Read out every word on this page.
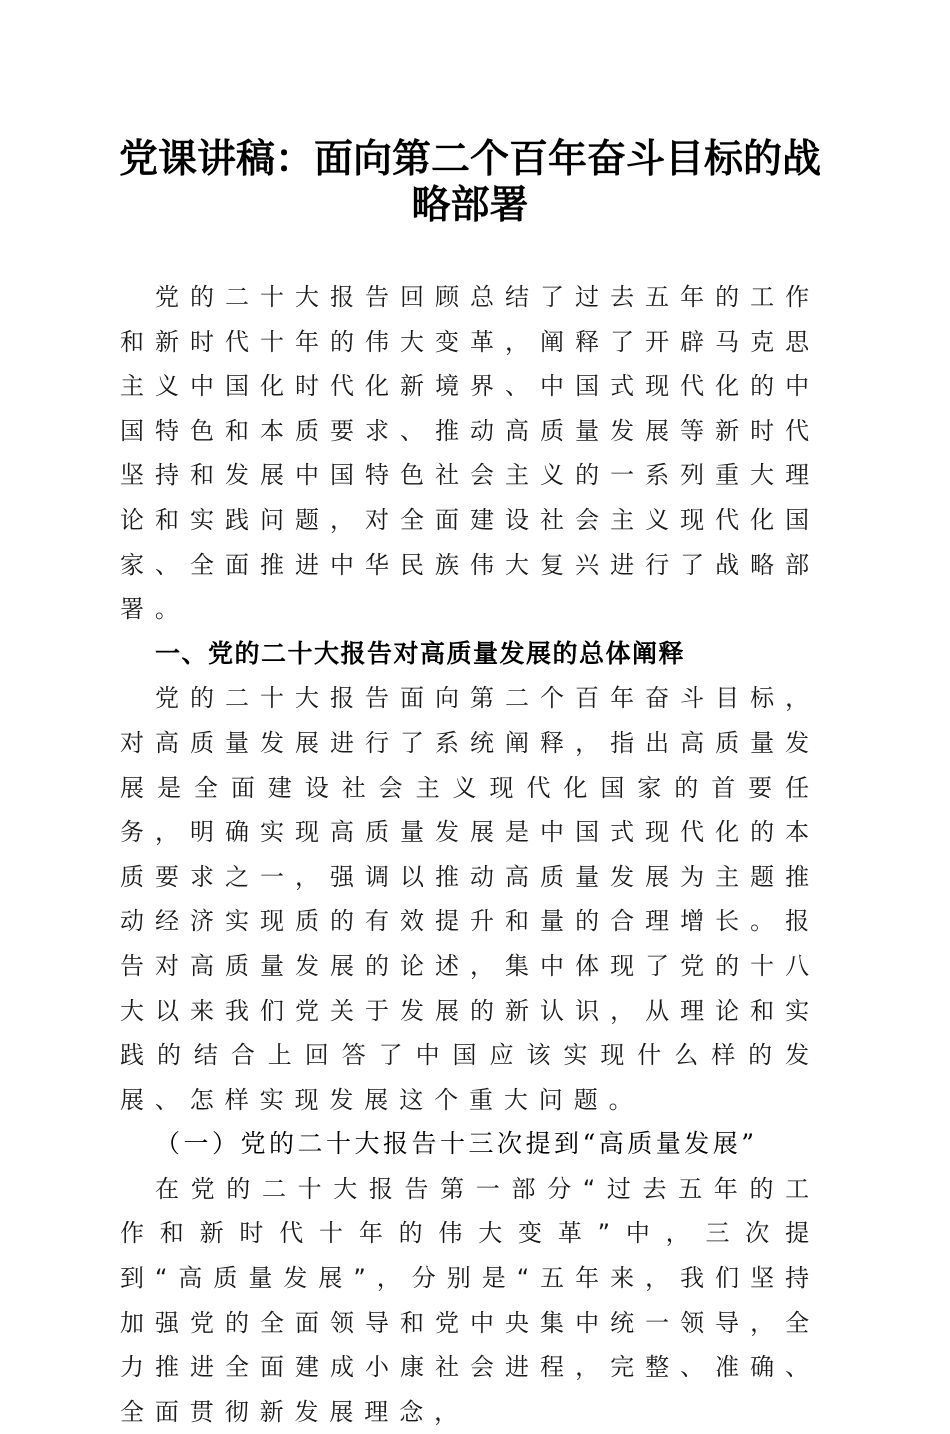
党课讲稿：面向第二个百年奋斗目标的战略部署

党的二十大报告回顾总结了过去五年的工作和新时代十年的伟大变革，阐释了开辟马克思主义中国化时代化新境界、中国式现代化的中国特色和本质要求、推动高质量发展等新时代坚持和发展中国特色社会主义的一系列重大理论和实践问题，对全面建设社会主义现代化国家、全面推进中华民族伟大复兴进行了战略部署。

一、党的二十大报告对高质量发展的总体阐释

党的二十大报告面向第二个百年奋斗目标，对高质量发展进行了系统阐释，指出高质量发展是全面建设社会主义现代化国家的首要任务，明确实现高质量发展是中国式现代化的本质要求之一，强调以推动高质量发展为主题推动经济实现质的有效提升和量的合理增长。报告对高质量发展的论述，集中体现了党的十八大以来我们党关于发展的新认识，从理论和实践的结合上回答了中国应该实现什么样的发展、怎样实现发展这个重大问题。

（一）党的二十大报告十三次提到“高质量发展”

在党的二十大报告第一部分“过去五年的工作和新时代十年的伟大变革”中，三次提到“高质量发展”，分别是“五年来，我们坚持加强党的全面领导和党中央集中统一领导，全力推进全面建成小康社会进程，完整、准确、全面贯彻新发展理念，
